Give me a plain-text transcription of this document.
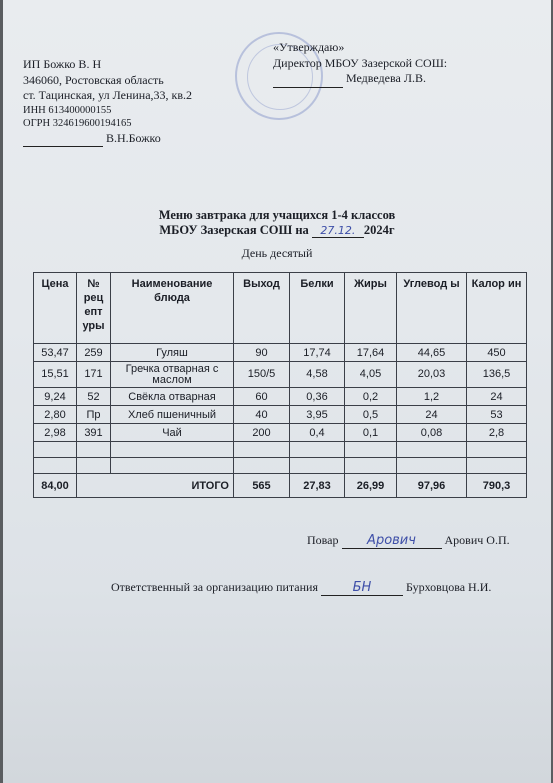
ИП Божко В. Н
346060, Ростовская область
ст. Тацинская, ул Ленина,33, кв.2
ИНН 613400000155
ОГРН 324619600194165
В.Н.Божко
«Утверждаю»
Директор МБОУ Зазерской СОШ:
Медведева Л.В.
Меню завтрака для учащихся 1-4 классов
МБОУ Зазерская СОШ на 27.12. 2024г
День десятый
Цена	№ рец епт уры	Наименование блюда	Выход	Белки	Жиры	Углевод ы	Калор ин
53,47	259	Гуляш	90	17,74	17,64	44,65	450
15,51	171	Гречка отварная с маслом	150/5	4,58	4,05	20,03	136,5
9,24	52	Свёкла отварная	60	0,36	0,2	1,2	24
2,80	Пр	Хлеб пшеничный	40	3,95	0,5	24	53
2,98	391	Чай	200	0,4	0,1	0,08	2,8

84,00	ИТОГО		565	27,83	26,99	97,96	790,3
Повар Арович Арович О.П.
Ответственный за организацию питания	БН	Бурховцова Н.И.
